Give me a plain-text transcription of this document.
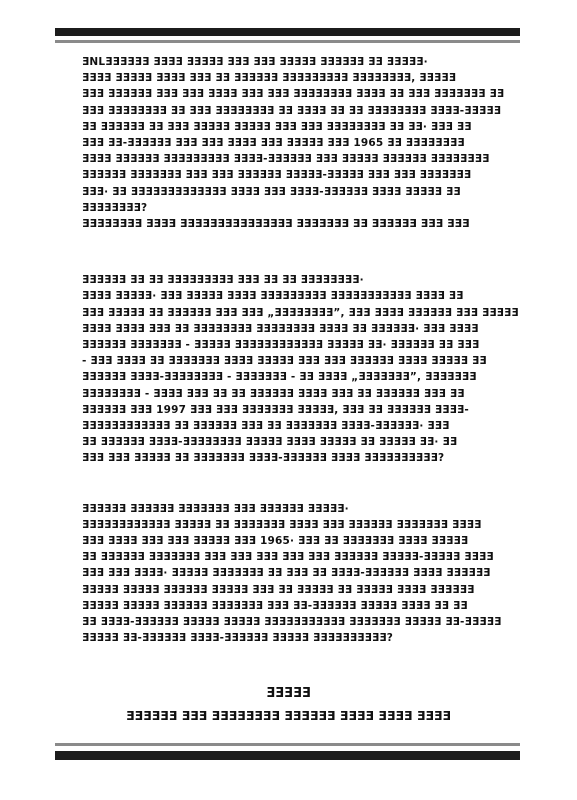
ƎNLƎƎƎƎƎƎ ƎƎƎƎ ƎƎƎƎƎ ƎƎƎ ƎƎƎ ƎƎƎƎƎ ƎƎƎƎƎƎ ƎƎ ƎƎƎƎƎ·
ƎƎƎƎ ƎƎƎƎƎ ƎƎƎƎ ƎƎƎ ƎƎ ƎƎƎƎƎƎ ƎƎƎƎƎƎƎƎƎ ƎƎƎƎƎƎƎƎ, ƎƎƎƎƎ
ƎƎƎ ƎƎƎƎƎƎ ƎƎƎ ƎƎƎ ƎƎƎƎ ƎƎƎ ƎƎƎ ƎƎƎƎƎƎƎƎ ƎƎƎƎ ƎƎ ƎƎƎ ƎƎƎƎƎƎƎ ƎƎ
ƎƎƎ ƎƎƎƎƎƎƎƎ ƎƎ ƎƎƎ ƎƎƎƎƎƎƎƎ ƎƎ ƎƎƎƎ ƎƎ ƎƎ ƎƎƎƎƎƎƎƎ ƎƎƎƎ-ƎƎƎƎƎ
ƎƎ ƎƎƎƎƎƎ ƎƎ ƎƎƎ ƎƎƎƎƎ ƎƎƎƎƎ ƎƎƎ ƎƎƎ ƎƎƎƎƎƎƎƎ ƎƎ ƎƎ· ƎƎƎ ƎƎ
ƎƎƎ ƎƎ-ƎƎƎƎƎƎ ƎƎƎ ƎƎƎ ƎƎƎƎ ƎƎƎ ƎƎƎƎƎ ƎƎƎ 1965 ƎƎ ƎƎƎƎƎƎƎƎ
ƎƎƎƎ ƎƎƎƎƎƎ ƎƎƎƎƎƎƎƎƎ ƎƎƎƎ-ƎƎƎƎƎƎ ƎƎƎ ƎƎƎƎƎ ƎƎƎƎƎƎ ƎƎƎƎƎƎƎƎ
ƎƎƎƎƎƎ ƎƎƎƎƎƎƎ ƎƎƎ ƎƎƎ ƎƎƎƎƎƎ ƎƎƎƎƎ-ƎƎƎƎƎ ƎƎƎ ƎƎƎ ƎƎƎƎƎƎƎ
ƎƎƎ· ƎƎ ƎƎƎƎƎƎƎƎƎƎƎƎƎ ƎƎƎƎ ƎƎƎ ƎƎƎƎ-ƎƎƎƎƎƎ ƎƎƎƎ ƎƎƎƎƎ ƎƎ
ƎƎƎƎƎƎƎƎ?
ƎƎƎƎƎƎƎƎ ƎƎƎƎ ƎƎƎƎƎƎƎƎƎƎƎƎƎƎƎ ƎƎƎƎƎƎƎ ƎƎ ƎƎƎƎƎƎ ƎƎƎ ƎƎƎ
ƎƎƎƎƎƎ ƎƎ ƎƎ ƎƎƎƎƎƎƎƎƎ ƎƎƎ ƎƎ ƎƎ ƎƎƎƎƎƎƎƎ·
ƎƎƎƎ ƎƎƎƎƎ· ƎƎƎ ƎƎƎƎƎ ƎƎƎƎ ƎƎƎƎƎƎƎƎƎ ƎƎƎƎƎƎƎƎƎƎƎ ƎƎƎƎ ƎƎ
ƎƎƎ ƎƎƎƎƎ ƎƎ ƎƎƎƎƎƎ ƎƎƎ ƎƎƎ „ƎƎƎƎƎƎƎƎ”, ƎƎƎ ƎƎƎƎ ƎƎƎƎƎƎ ƎƎƎ ƎƎƎƎƎ
ƎƎƎƎ ƎƎƎƎ ƎƎƎ ƎƎ ƎƎƎƎƎƎƎƎ ƎƎƎƎƎƎƎƎ ƎƎƎƎ ƎƎ ƎƎƎƎƎƎ· ƎƎƎ ƎƎƎƎ
ƎƎƎƎƎƎ ƎƎƎƎƎƎƎ - ƎƎƎƎƎ ƎƎƎƎƎƎƎƎƎƎƎƎ ƎƎƎƎƎ ƎƎ· ƎƎƎƎƎƎ ƎƎ ƎƎƎ
- ƎƎƎ ƎƎƎƎ ƎƎ ƎƎƎƎƎƎƎ ƎƎƎƎ ƎƎƎƎƎ ƎƎƎ ƎƎƎ ƎƎƎƎƎƎ ƎƎƎƎ ƎƎƎƎƎ ƎƎ
ƎƎƎƎƎƎ ƎƎƎƎ-ƎƎƎƎƎƎƎƎ - ƎƎƎƎƎƎƎ - ƎƎ ƎƎƎƎ „ƎƎƎƎƎƎƎ”, ƎƎƎƎƎƎƎ
ƎƎƎƎƎƎƎƎ - ƎƎƎƎ ƎƎƎ ƎƎ ƎƎ ƎƎƎƎƎƎ ƎƎƎƎ ƎƎƎ ƎƎ ƎƎƎƎƎƎ ƎƎƎ ƎƎ
ƎƎƎƎƎƎ ƎƎƎ 1997 ƎƎƎ ƎƎƎ ƎƎƎƎƎƎƎ ƎƎƎƎƎ, ƎƎƎ ƎƎ ƎƎƎƎƎƎ ƎƎƎƎ-
ƎƎƎƎƎƎƎƎƎƎƎƎ ƎƎ ƎƎƎƎƎƎ ƎƎƎ ƎƎ ƎƎƎƎƎƎƎ ƎƎƎƎ-ƎƎƎƎƎƎ· ƎƎƎ
ƎƎ ƎƎƎƎƎƎ ƎƎƎƎ-ƎƎƎƎƎƎƎƎ ƎƎƎƎƎ ƎƎƎƎ ƎƎƎƎƎ ƎƎ ƎƎƎƎƎ ƎƎ· ƎƎ
ƎƎƎ ƎƎƎ ƎƎƎƎƎ ƎƎ ƎƎƎƎƎƎƎ ƎƎƎƎ-ƎƎƎƎƎƎ ƎƎƎƎ ƎƎƎƎƎƎƎƎƎƎ?
ƎƎƎƎƎƎ ƎƎƎƎƎƎ ƎƎƎƎƎƎƎ ƎƎƎ ƎƎƎƎƎƎ ƎƎƎƎƎ·
ƎƎƎƎƎƎƎƎƎƎƎƎ ƎƎƎƎƎ ƎƎ ƎƎƎƎƎƎƎ ƎƎƎƎ ƎƎƎ ƎƎƎƎƎƎ ƎƎƎƎƎƎƎ ƎƎƎƎ
ƎƎƎ ƎƎƎƎ ƎƎƎ ƎƎƎ ƎƎƎƎƎ ƎƎƎ 1965· ƎƎƎ ƎƎ ƎƎƎƎƎƎƎ ƎƎƎƎ ƎƎƎƎƎ
ƎƎ ƎƎƎƎƎƎ ƎƎƎƎƎƎƎ ƎƎƎ ƎƎƎ ƎƎƎ ƎƎƎ ƎƎƎ ƎƎƎƎƎƎ ƎƎƎƎƎ-ƎƎƎƎƎ ƎƎƎƎ
ƎƎƎ ƎƎƎ ƎƎƎƎ· ƎƎƎƎƎ ƎƎƎƎƎƎƎ ƎƎ ƎƎƎ ƎƎ ƎƎƎƎ-ƎƎƎƎƎƎ ƎƎƎƎ ƎƎƎƎƎƎ
ƎƎƎƎƎ ƎƎƎƎƎ ƎƎƎƎƎƎ ƎƎƎƎƎ ƎƎƎ ƎƎ ƎƎƎƎƎ ƎƎ ƎƎƎƎƎ ƎƎƎƎ ƎƎƎƎƎƎ
ƎƎƎƎƎ ƎƎƎƎƎ ƎƎƎƎƎƎ ƎƎƎƎƎƎƎ ƎƎƎ ƎƎ-ƎƎƎƎƎƎ ƎƎƎƎƎ ƎƎƎƎ ƎƎ ƎƎ
ƎƎ ƎƎƎƎ-ƎƎƎƎƎƎ ƎƎƎƎƎ ƎƎƎƎƎ ƎƎƎƎƎƎƎƎƎƎƎ ƎƎƎƎƎƎƎ ƎƎƎƎƎ ƎƎ-ƎƎƎƎƎ
ƎƎƎƎƎ ƎƎ-ƎƎƎƎƎƎ ƎƎƎƎ-ƎƎƎƎƎƎ ƎƎƎƎƎ ƎƎƎƎƎƎƎƎƎƎ?
ƎƎƎƎƎ
ƎƎƎƎƎƎ ƎƎƎ ƎƎƎƎƎƎƎƎ ƎƎƎƎƎƎ ƎƎƎƎ ƎƎƎƎ ƎƎƎƎ
